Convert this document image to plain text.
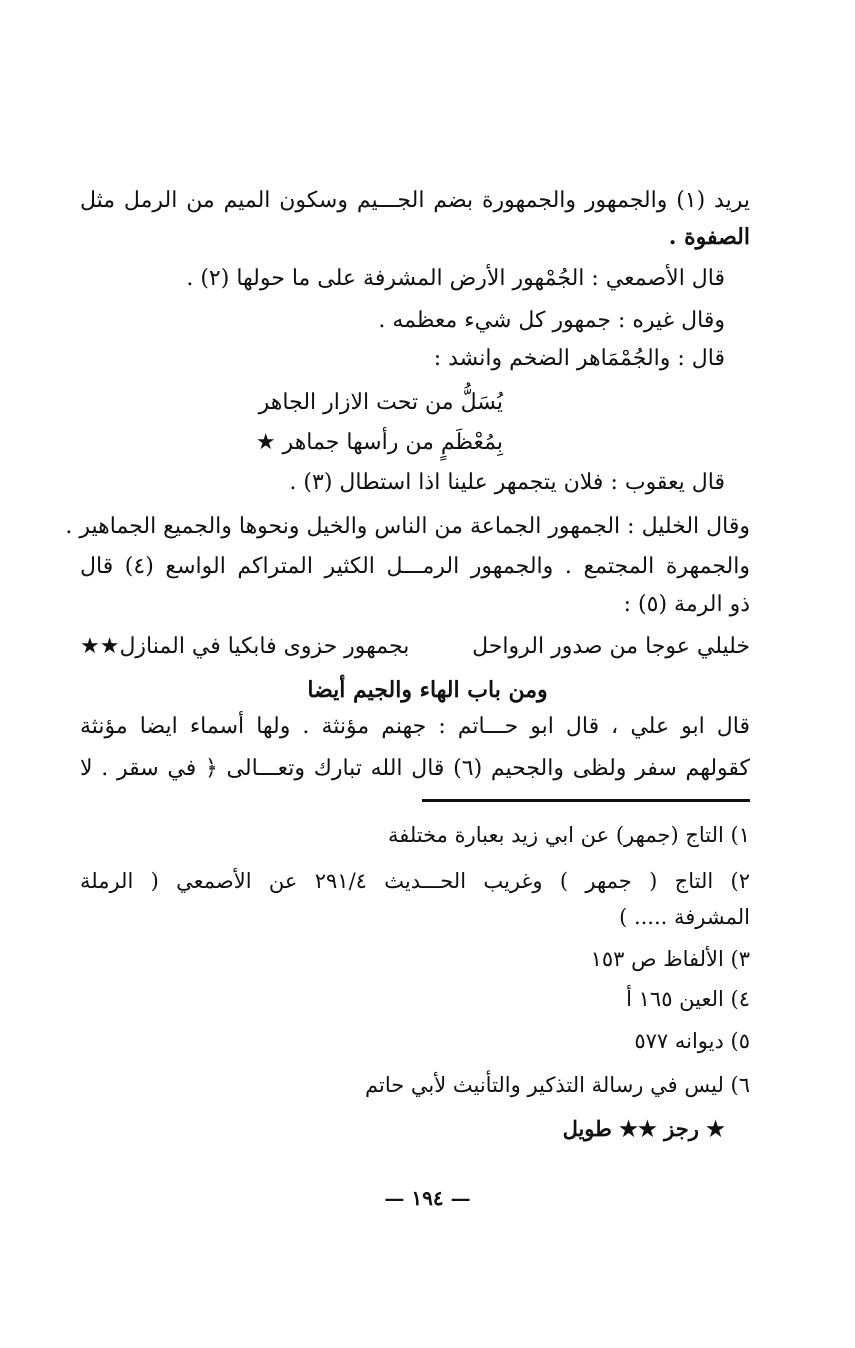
يريد (١) والجمهور والجمهورة بضم الجـــيم وسكون الميم من الرمل مثل
الصفوة .
قال الأصمعي : الجُمْهور الأرض المشرفة على ما حولها (٢) .
وقال غيره : جمهور كل شيء معظمه .
قال : والجُمْمَاهر الضخم وانشد :
يُسَلُّ من تحت الازار الجاهر
بِمُعْظَمٍ من رأسها جماهر ★
قال يعقوب : فلان يتجمهر علينا اذا استطال (٣) .
وقال الخليل : الجمهور الجماعة من الناس والخيل ونحوها والجميع الجماهير .
والجمهرة المجتمع . والجمهور الرمـــل الكثير المتراكم الواسع (٤) قال
ذو الرمة (٥) :
خليلي عوجا من صدور الرواحل
بجمهور حزوى فابكيا في المنازل★★
ومن باب الهاء والجيم أيضا
قال ابو علي ، قال ابو حـــاتم : جهنم مؤنثة . ولها أسماء ايضا مؤنثة
كقولهم سفر ولظى والجحيم (٦) قال الله تبارك وتعـــالى ﴿ في سقر . لا
١) التاج (جمهر) عن ابي زيد بعبارة مختلفة
٢) التاج ( جمهر ) وغريب الحـــديث ٢٩١/٤ عن الأصمعي ( الرملة
المشرفة ..... )
٣) الألفاظ ص ١٥٣
٤) العين ١٦٥ أ
٥) ديوانه ٥٧٧
٦) ليس في رسالة التذكير والتأنيث لأبي حاتم
★ رجز ★★ طويل
— ١٩٤ —
